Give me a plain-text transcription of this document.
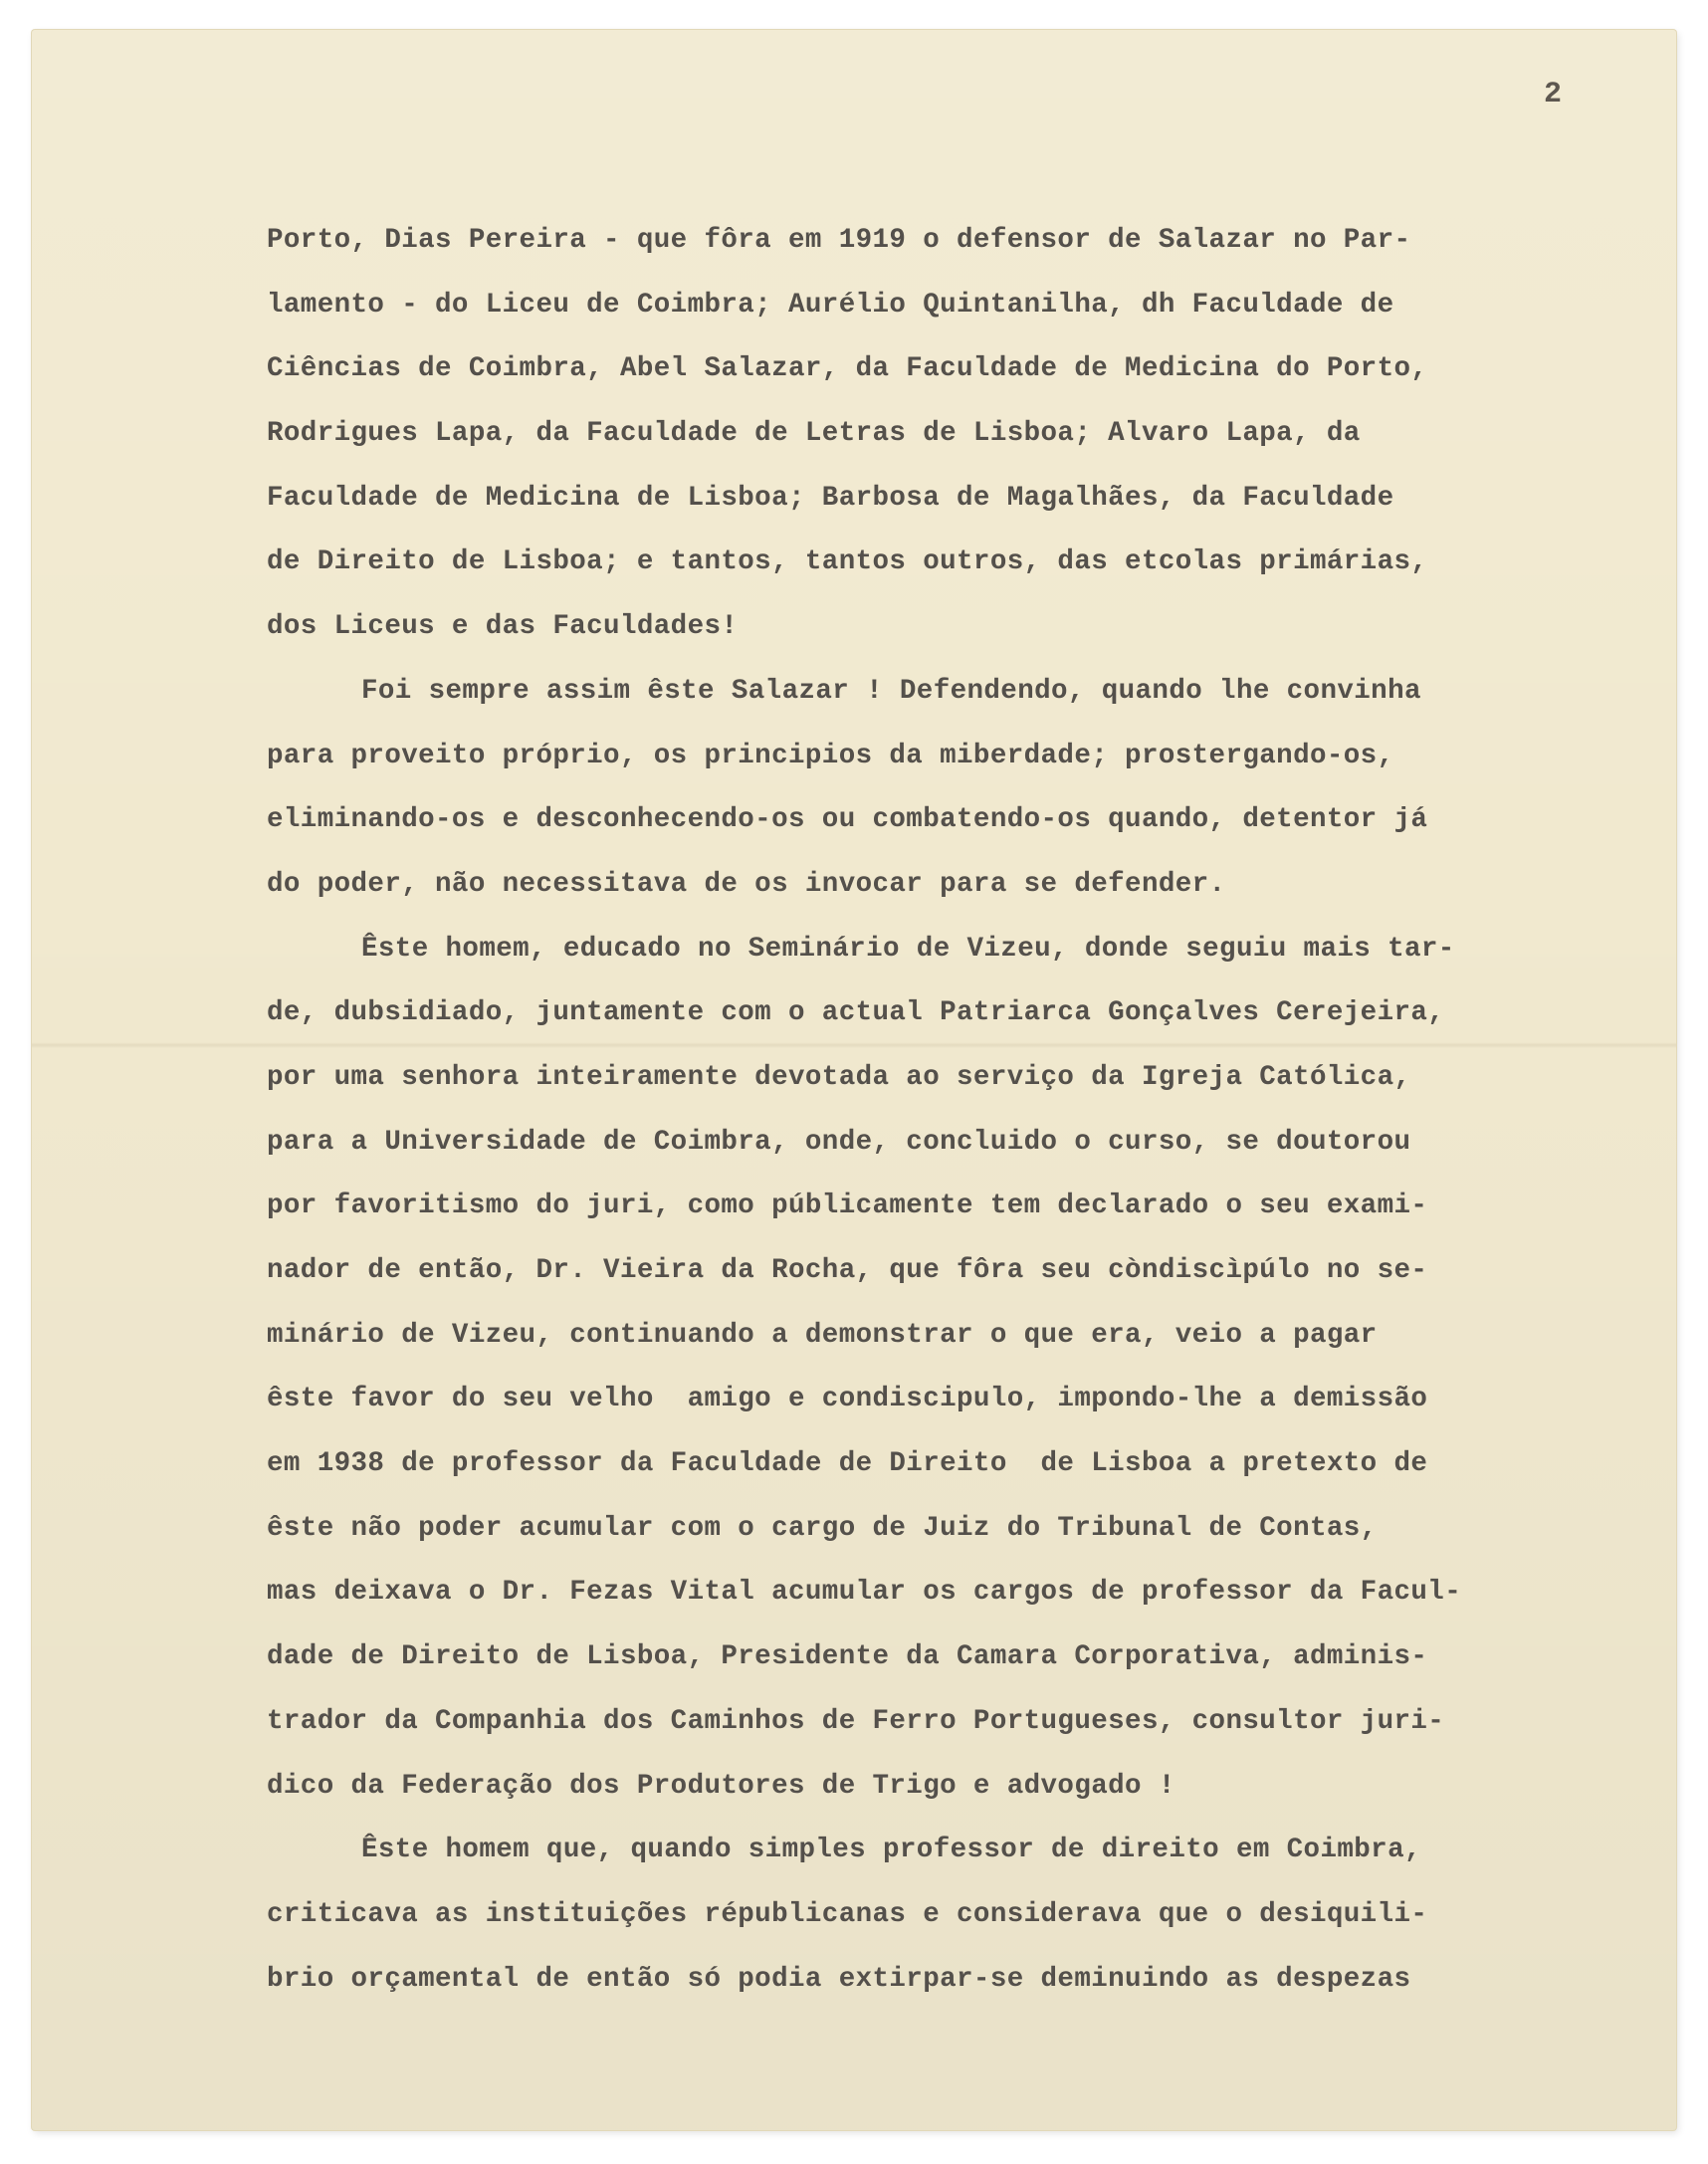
2
Porto, Dias Pereira - que fôra em 1919 o defensor de Salazar no Par-
lamento - do Liceu de Coimbra; Aurélio Quintanilha, dh Faculdade de
Ciências de Coimbra, Abel Salazar, da Faculdade de Medicina do Porto,
Rodrigues Lapa, da Faculdade de Letras de Lisboa; Alvaro Lapa, da
Faculdade de Medicina de Lisboa; Barbosa de Magalhães, da Faculdade
de Direito de Lisboa; e tantos, tantos outros, das etcolas primárias,
dos Liceus e das Faculdades!
Foi sempre assim êste Salazar ! Defendendo, quando lhe convinha
para proveito próprio, os principios da miberdade; prostergando-os,
eliminando-os e desconhecendo-os ou combatendo-os quando, detentor já
do poder, não necessitava de os invocar para se defender.
Êste homem, educado no Seminário de Vizeu, donde seguiu mais tar-
de, dubsidiado, juntamente com o actual Patriarca Gonçalves Cerejeira,
por uma senhora inteiramente devotada ao serviço da Igreja Católica,
para a Universidade de Coimbra, onde, concluido o curso, se doutorou
por favoritismo do juri, como públicamente tem declarado o seu exami-
nador de então, Dr. Vieira da Rocha, que fôra seu còndiscìpúlo no se-
minário de Vizeu, continuando a demonstrar o que era, veio a pagar
êste favor do seu velho  amigo e condiscipulo, impondo-lhe a demissão
em 1938 de professor da Faculdade de Direito  de Lisboa a pretexto de
êste não poder acumular com o cargo de Juiz do Tribunal de Contas,
mas deixava o Dr. Fezas Vital acumular os cargos de professor da Facul-
dade de Direito de Lisboa, Presidente da Camara Corporativa, adminis-
trador da Companhia dos Caminhos de Ferro Portugueses, consultor juri-
dico da Federação dos Produtores de Trigo e advogado !
Êste homem que, quando simples professor de direito em Coimbra,
criticava as instituições républicanas e considerava que o desiquili-
brio orçamental de então só podia extirpar-se deminuindo as despezas
